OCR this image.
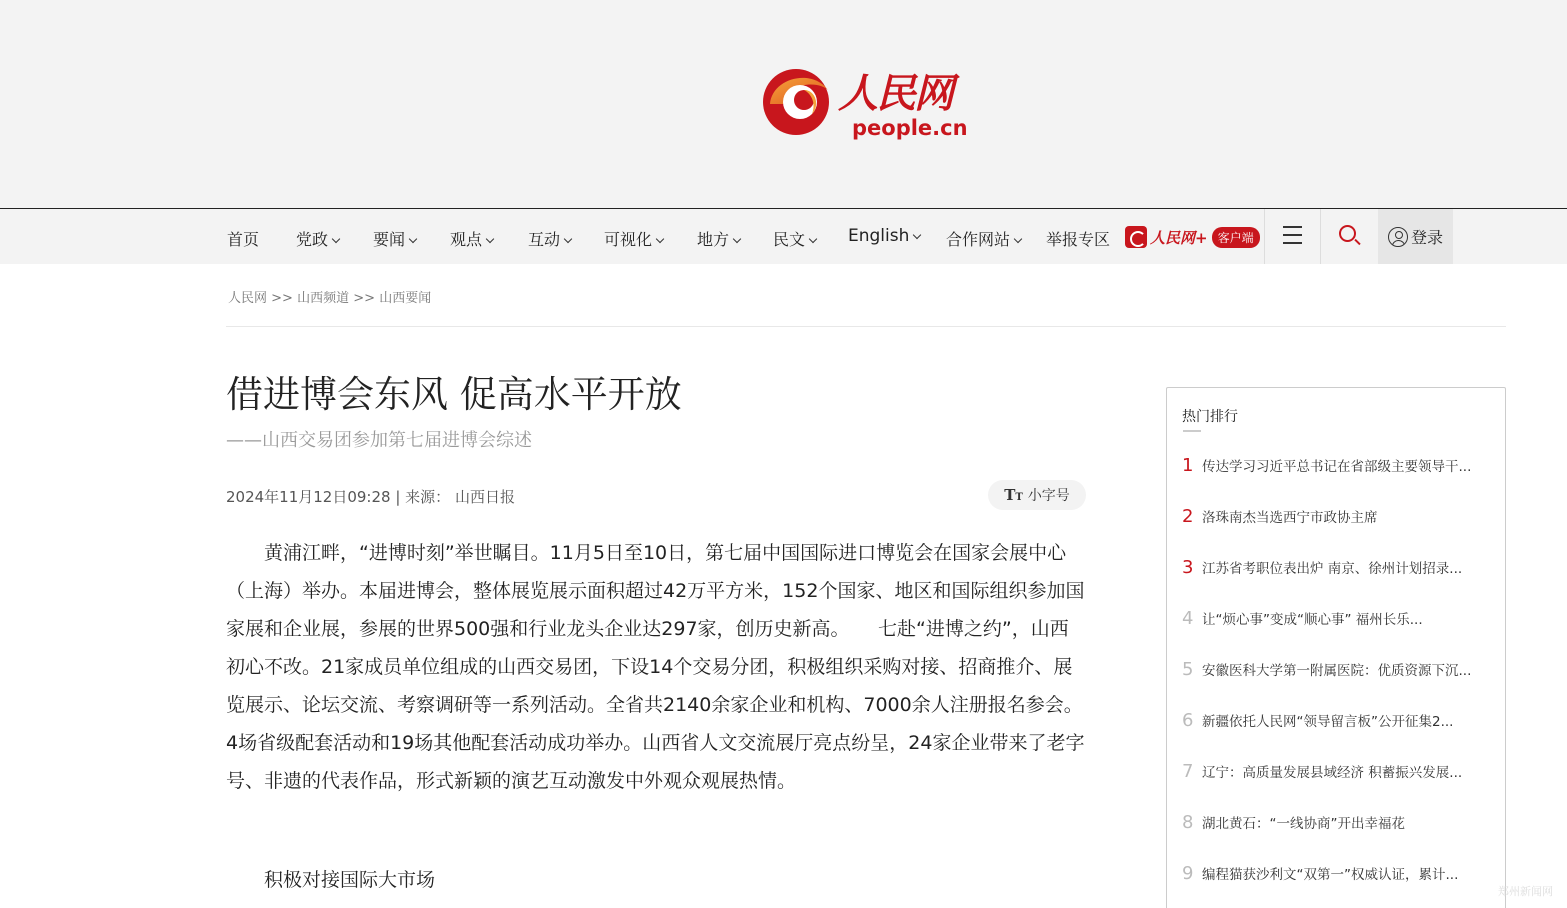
人民网
people.cn
首页 党政	要闻	观点	互动	可视化	地方	民文	English	合作网站	举报专区	人民网+ 客户端	登录
人民网 >> 山西频道 >> 山西要闻
借进博会东风 促高水平开放
——山西交易团参加第七届进博会综述
2024年11月12日09:28 | 来源： 山西日报	TT 小字号

黄浦江畔，“进博时刻”举世瞩目。11月5日至10日，第七届中国国际进口博览会在国家会展中心（上海）举办。本届进博会，整体展览展示面积超过42万平方米，152个国家、地区和国际组织参加国家展和企业展，参展的世界500强和行业龙头企业达297家，创历史新高。　　七赴“进博之约”，山西初心不改。21家成员单位组成的山西交易团，下设14个交易分团，积极组织采购对接、招商推介、展览展示、论坛交流、考察调研等一系列活动。全省共2140余家企业和机构、7000余人注册报名参会。4场省级配套活动和19场其他配套活动成功举办。山西省人文交流展厅亮点纷呈，24家企业带来了老字号、非遗的代表作品，形式新颖的演艺互动激发中外观众观展热情。

积极对接国际大市场

热门排行
1 传达学习习近平总书记在省部级主要领导干...
2 洛珠南杰当选西宁市政协主席
3 江苏省考职位表出炉 南京、徐州计划招录...
4 让“烦心事”变成“顺心事” 福州长乐...
5 安徽医科大学第一附属医院：优质资源下沉...
6 新疆依托人民网“领导留言板”公开征集2...
7 辽宁：高质量发展县域经济 积蓄振兴发展...
8 湖北黄石：“一线协商”开出幸福花
9 编程猫获沙利文“双第一”权威认证，累计...
郑州新闻网
